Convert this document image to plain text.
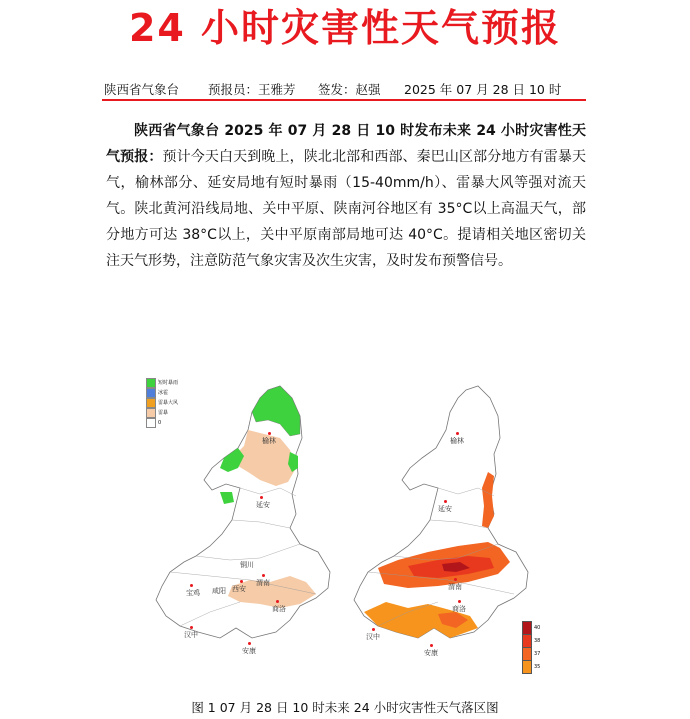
24 小时灾害性天气预报
陕西省气象台 预报员：王雅芳 签发：赵强 2025 年 07 月 28 日 10 时
陕西省气象台 2025 年 07 月 28 日 10 时发布未来 24 小时灾害性天气预报：预计今天白天到晚上，陕北北部和西部、秦巴山区部分地方有雷暴天气，榆林部分、延安局地有短时暴雨（15-40mm/h）、雷暴大风等强对流天气。陕北黄河沿线局地、关中平原、陕南河谷地区有 35°C以上高温天气，部分地方可达 38°C以上，关中平原南部局地可达 40°C。提请相关地区密切关注天气形势，注意防范气象灾害及次生灾害，及时发布预警信号。
短时暴雨
冰雹
雷暴大风
雷暴
0
40
38
37
35
榆林
延安
铜川
渭南
西安
咸阳
宝鸡
商洛
汉中
安康
榆林
延安
渭南
商洛
汉中
安康
图 1 07 月 28 日 10 时未来 24 小时灾害性天气落区图
